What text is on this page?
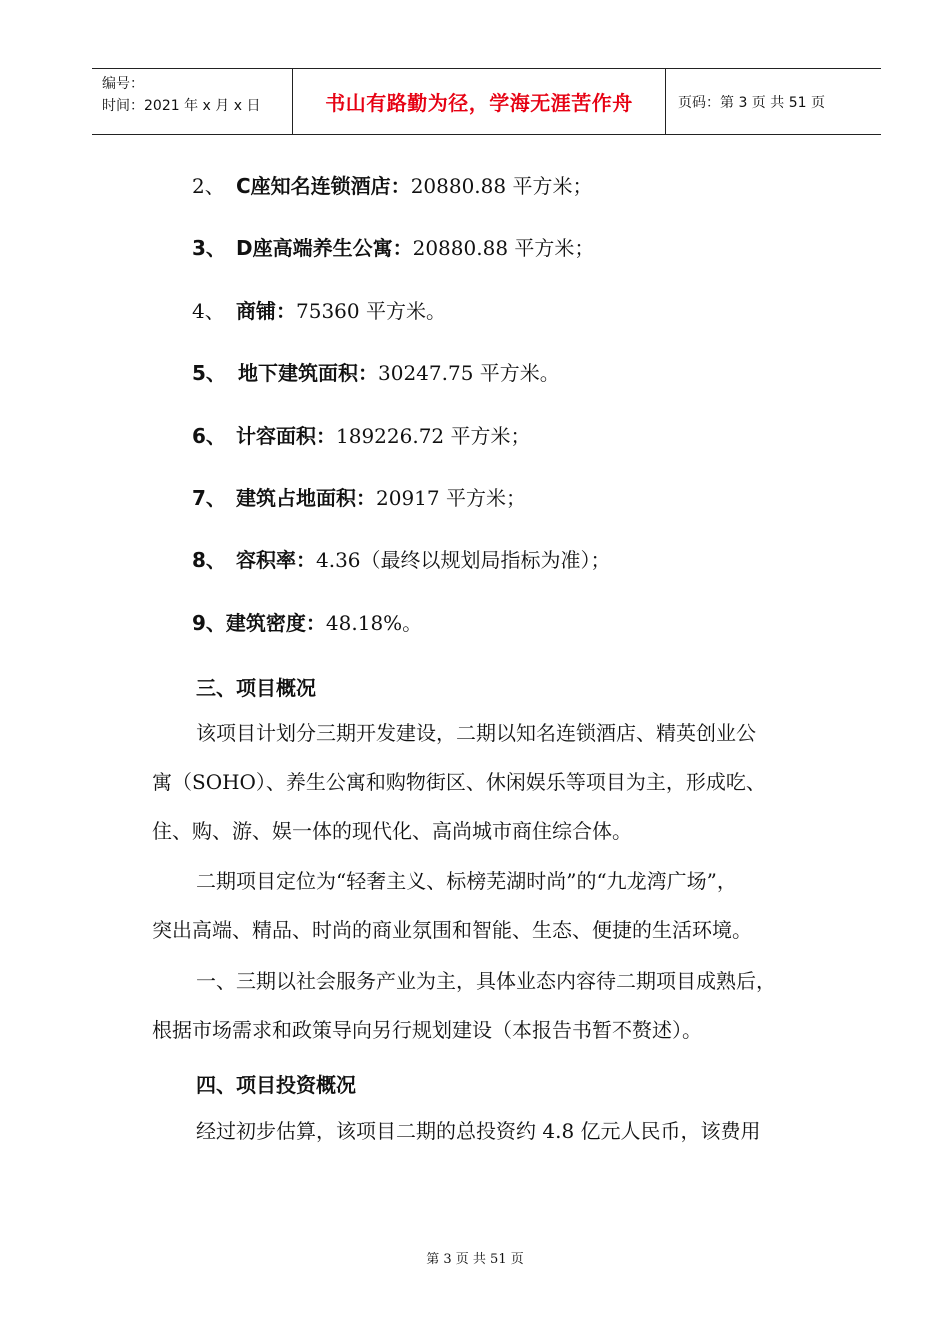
编号：
时间：2021 年 x 月 x 日	书山有路勤为径，学海无涯苦作舟	页码：第 3 页 共 51 页
2、 C座知名连锁酒店：20880.88 平方米；
3、 D座高端养生公寓：20880.88 平方米；
4、 商铺：75360 平方米。
5、 地下建筑面积：30247.75 平方米。
6、 计容面积：189226.72 平方米；
7、 建筑占地面积：20917 平方米；
8、 容积率：4.36（最终以规划局指标为准）；
9、建筑密度：48.18%。
三、项目概况
该项目计划分三期开发建设，二期以知名连锁酒店、精英创业公
寓（SOHO）、养生公寓和购物街区、休闲娱乐等项目为主，形成吃、
住、购、游、娱一体的现代化、高尚城市商住综合体。
二期项目定位为“轻奢主义、标榜芜湖时尚”的“九龙湾广场”，
突出高端、精品、时尚的商业氛围和智能、生态、便捷的生活环境。
一、三期以社会服务产业为主，具体业态内容待二期项目成熟后，
根据市场需求和政策导向另行规划建设（本报告书暂不赘述）。
四、项目投资概况
经过初步估算，该项目二期的总投资约 4.8 亿元人民币，该费用
第 3 页 共 51 页
